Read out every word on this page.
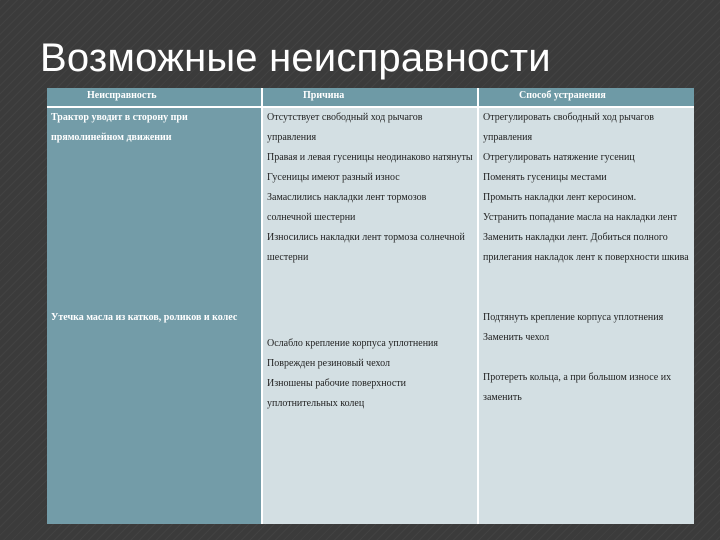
Возможные неисправности
Неисправность	Причина	Способ устранения
Трактор уводит в сторону при прямолинейном движении
Утечка масла из катков, роликов и колес
Отсутствует свободный ход рычагов управления
Правая и левая гусеницы неодинаково натянуты
Гусеницы имеют разный износ
Замаслились накладки лент тормозов солнечной шестерни
Износились накладки лент тормоза солнечной шестерни
Ослабло крепление корпуса уплотнения
Поврежден резиновый чехол
Изношены рабочие поверхности уплотнительных колец
Отрегулировать свободный ход рычагов управления
Отрегулировать натяжение гусениц
Поменять гусеницы местами
Промыть накладки лент керосином.
Устранить попадание масла на накладки лент
Заменить накладки лент. Добиться полного прилегания накладок лент к поверхности шкива
Подтянуть крепление корпуса уплотнения
Заменить чехол
Протереть кольца, а при большом износе их заменить
